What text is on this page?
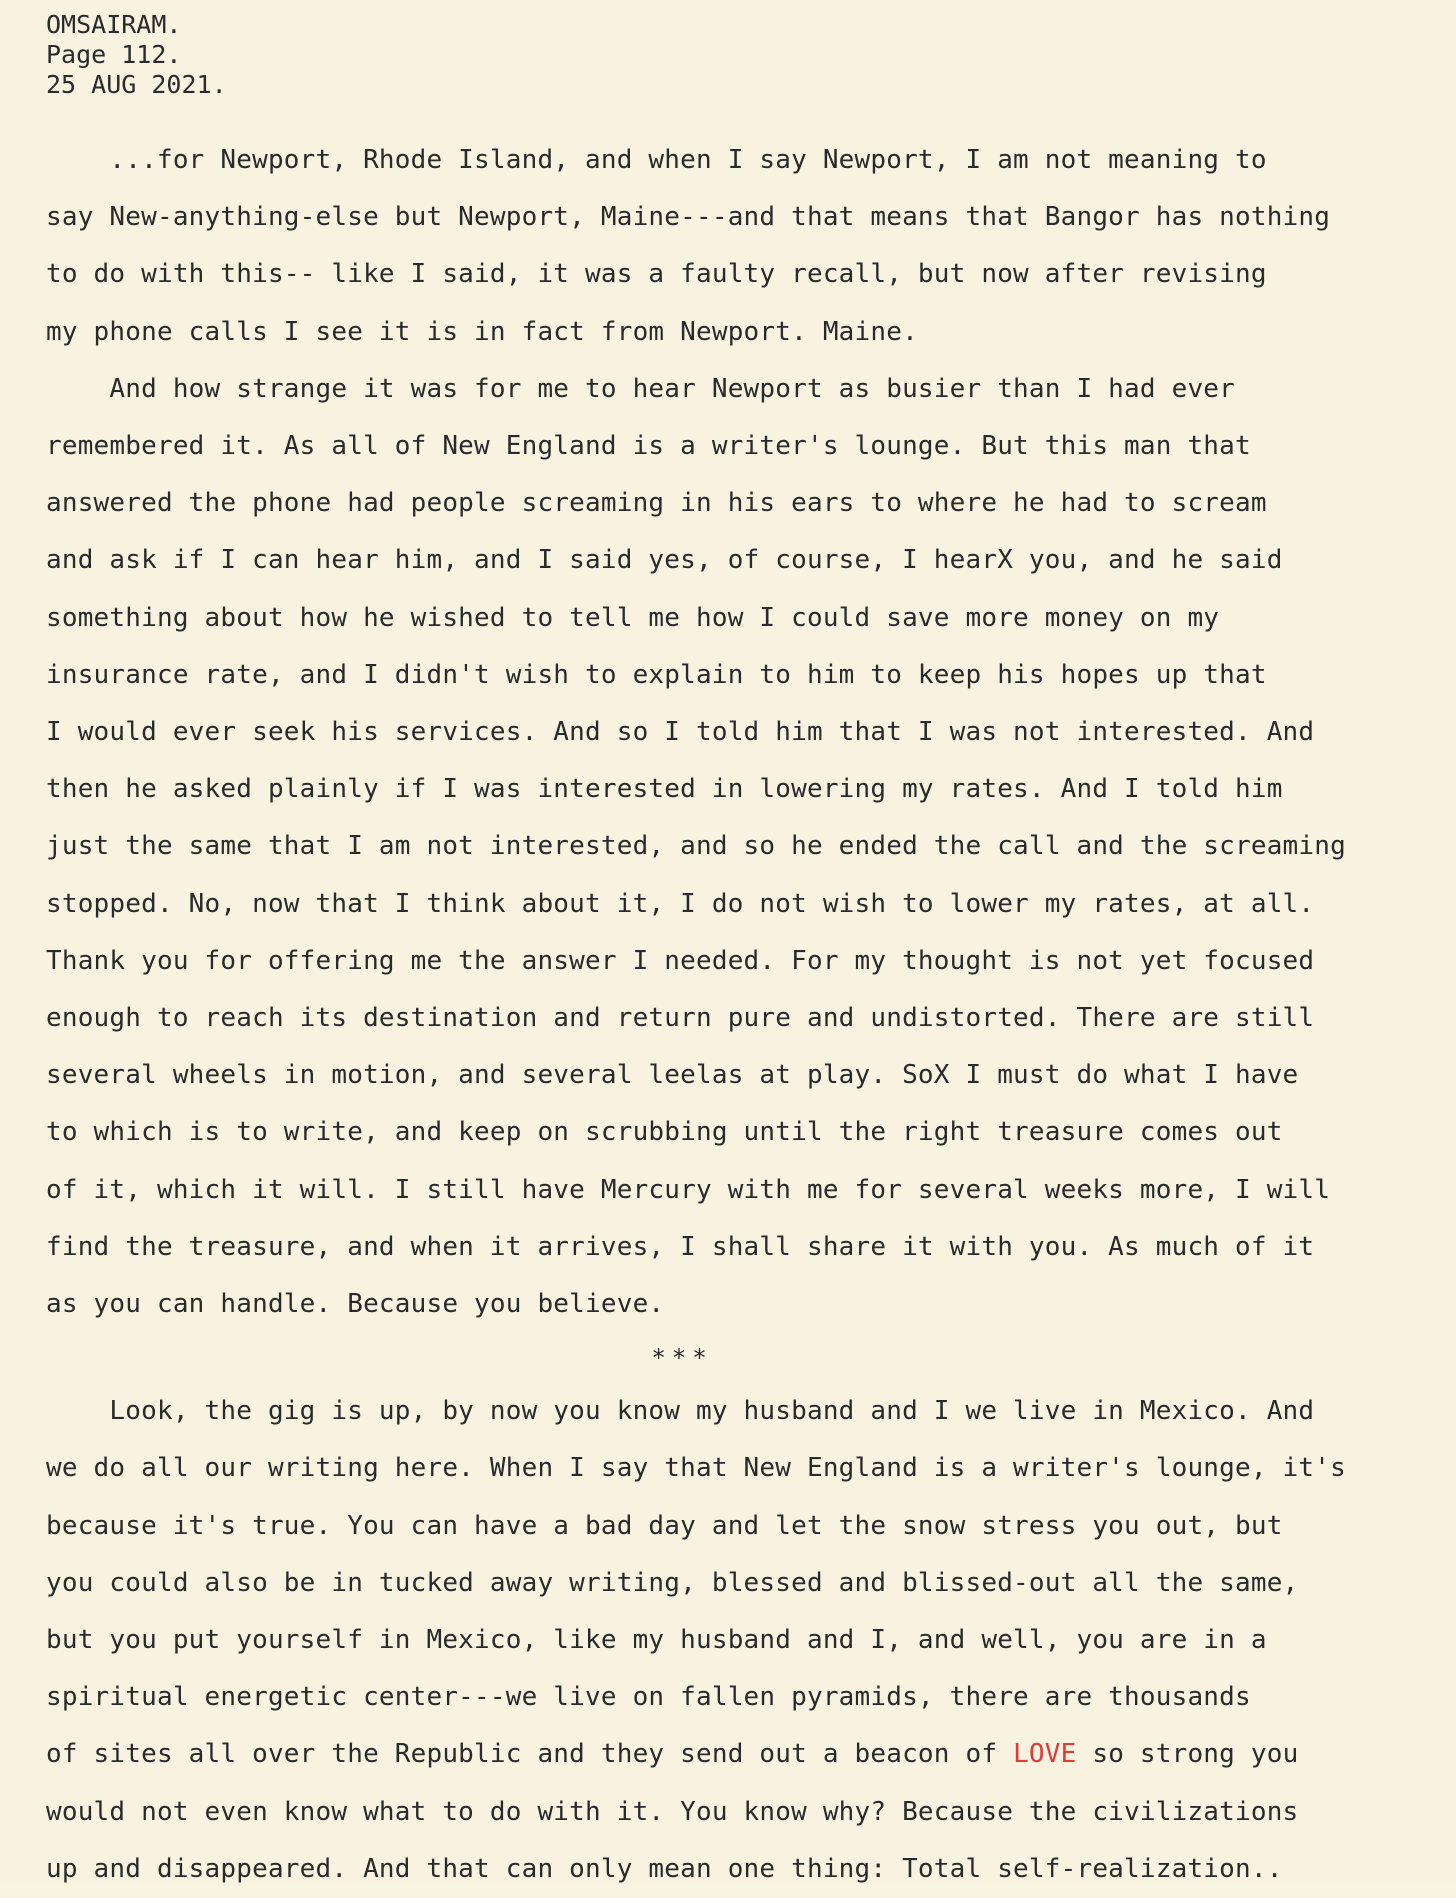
OMSAIRAM.
Page 112.
25 AUG 2021.
...for Newport, Rhode Island, and when I say Newport, I am not meaning to
say New-anything-else but Newport, Maine---and that means that Bangor has nothing
to do with this-- like I said, it was a faulty recall, but now after revising
my phone calls I see it is in fact from Newport. Maine.
And how strange it was for me to hear Newport as busier than I had ever
remembered it. As all of New England is a writer's lounge. But this man that
answered the phone had people screaming in his ears to where he had to scream
and ask if I can hear him, and I said yes, of course, I hearX you, and he said
something about how he wished to tell me how I could save more money on my
insurance rate, and I didn't wish to explain to him to keep his hopes up that
I would ever seek his services. And so I told him that I was not interested. And
then he asked plainly if I was interested in lowering my rates. And I told him
just the same that I am not interested, and so he ended the call and the screaming
stopped. No, now that I think about it, I do not wish to lower my rates, at all.
Thank you for offering me the answer I needed. For my thought is not yet focused
enough to reach its destination and return pure and undistorted. There are still
several wheels in motion, and several leelas at play. SoX I must do what I have
to which is to write, and keep on scrubbing until the right treasure comes out
of it, which it will. I still have Mercury with me for several weeks more, I will
find the treasure, and when it arrives, I shall share it with you. As much of it
as you can handle. Because you believe.
***
Look, the gig is up, by now you know my husband and I we live in Mexico. And
we do all our writing here. When I say that New England is a writer's lounge, it's
because it's true. You can have a bad day and let the snow stress you out, but
you could also be in tucked away writing, blessed and blissed-out all the same,
but you put yourself in Mexico, like my husband and I, and well, you are in a
spiritual energetic center---we live on fallen pyramids, there are thousands
of sites all over the Republic and they send out a beacon of LOVE so strong you
would not even know what to do with it. You know why? Because the civilizations
up and disappeared. And that can only mean one thing: Total self-realization..
